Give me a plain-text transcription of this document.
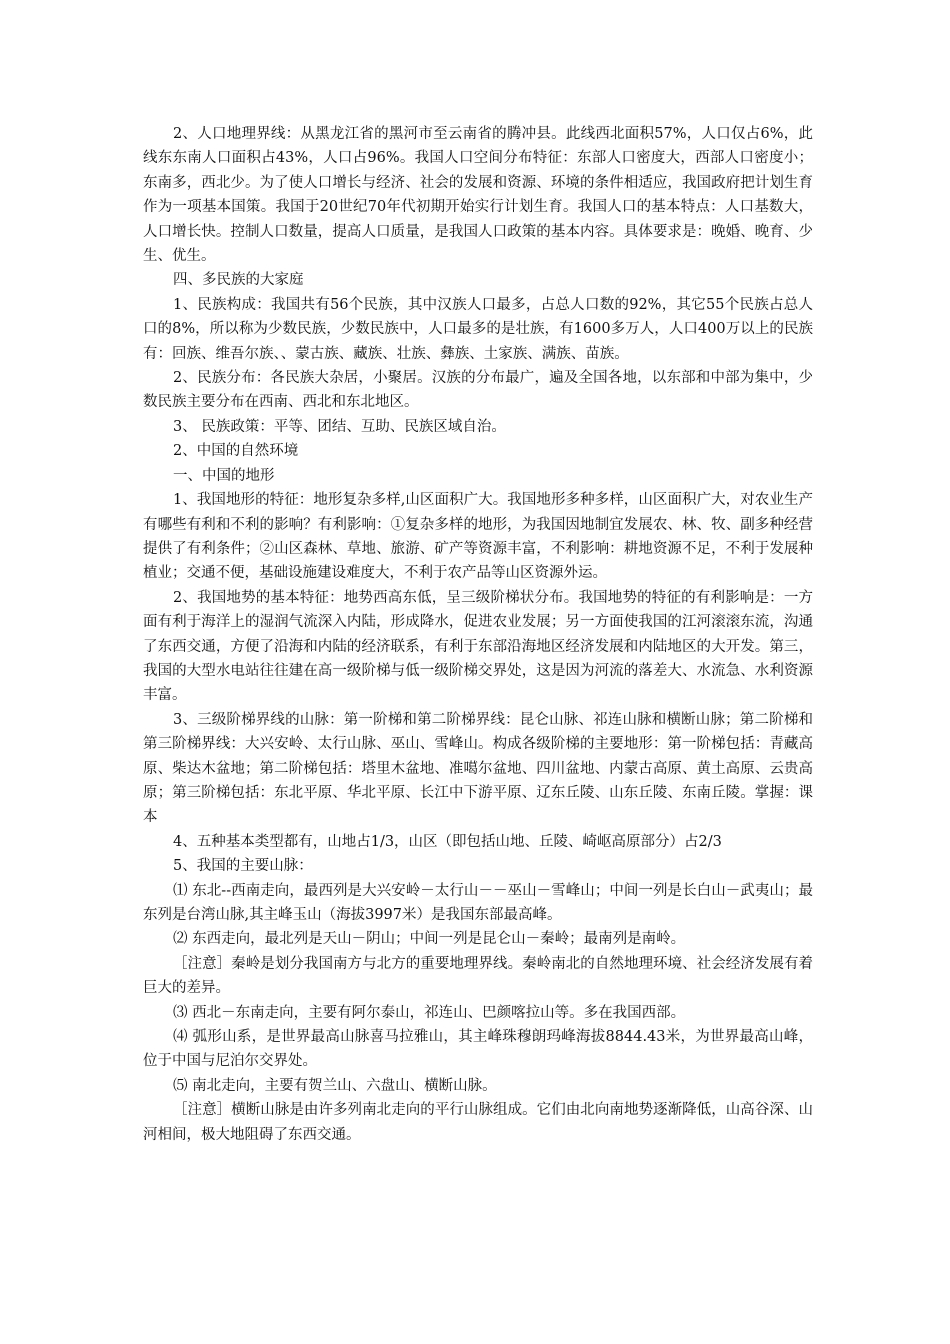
2、人口地理界线：从黑龙江省的黑河市至云南省的腾冲县。此线西北面积57%，人口仅占6%，此线东东南人口面积占43%，人口占96%。我国人口空间分布特征：东部人口密度大，西部人口密度小；东南多，西北少。为了使人口增长与经济、社会的发展和资源、环境的条件相适应，我国政府把计划生育作为一项基本国策。我国于20世纪70年代初期开始实行计划生育。我国人口的基本特点：人口基数大，人口增长快。控制人口数量，提高人口质量，是我国人口政策的基本内容。具体要求是：晚婚、晚育、少生、优生。

四、多民族的大家庭

1、民族构成：我国共有56个民族，其中汉族人口最多，占总人口数的92%，其它55个民族占总人口的8%，所以称为少数民族，少数民族中，人口最多的是壮族，有1600多万人，人口400万以上的民族有：回族、维吾尔族、、蒙古族、藏族、壮族、彝族、土家族、满族、苗族。

2、民族分布：各民族大杂居，小聚居。汉族的分布最广，遍及全国各地，以东部和中部为集中，少数民族主要分布在西南、西北和东北地区。

3、 民族政策：平等、团结、互助、民族区域自治。

2、中国的自然环境

一、中国的地形

1、我国地形的特征：地形复杂多样,山区面积广大。我国地形多种多样，山区面积广大，对农业生产有哪些有利和不利的影响？有利影响：①复杂多样的地形，为我国因地制宜发展农、林、牧、副多种经营提供了有利条件；②山区森林、草地、旅游、矿产等资源丰富，不利影响：耕地资源不足，不利于发展种植业；交通不便，基础设施建设难度大，不利于农产品等山区资源外运。

2、我国地势的基本特征：地势西高东低，呈三级阶梯状分布。我国地势的特征的有利影响是：一方面有利于海洋上的湿润气流深入内陆，形成降水，促进农业发展；另一方面使我国的江河滚滚东流，沟通了东西交通，方便了沿海和内陆的经济联系，有利于东部沿海地区经济发展和内陆地区的大开发。第三，我国的大型水电站往往建在高一级阶梯与低一级阶梯交界处，这是因为河流的落差大、水流急、水利资源丰富。

3、三级阶梯界线的山脉：第一阶梯和第二阶梯界线：昆仑山脉、祁连山脉和横断山脉；第二阶梯和第三阶梯界线：大兴安岭、太行山脉、巫山、雪峰山。构成各级阶梯的主要地形：第一阶梯包括：青藏高原、柴达木盆地；第二阶梯包括：塔里木盆地、准噶尔盆地、四川盆地、内蒙古高原、黄土高原、云贵高原；第三阶梯包括：东北平原、华北平原、长江中下游平原、辽东丘陵、山东丘陵、东南丘陵。掌握：课本

4、五种基本类型都有，山地占1/3，山区（即包括山地、丘陵、崎岖高原部分）占2/3

5、我国的主要山脉：

⑴ 东北--西南走向，最西列是大兴安岭－太行山－－巫山－雪峰山；中间一列是长白山－武夷山；最东列是台湾山脉,其主峰玉山（海拔3997米）是我国东部最高峰。

⑵ 东西走向，最北列是天山－阴山；中间一列是昆仑山－秦岭；最南列是南岭。

［注意］秦岭是划分我国南方与北方的重要地理界线。秦岭南北的自然地理环境、社会经济发展有着巨大的差异。

⑶ 西北－东南走向，主要有阿尔泰山，祁连山、巴颜喀拉山等。多在我国西部。

⑷ 弧形山系，是世界最高山脉喜马拉雅山，其主峰珠穆朗玛峰海拔8844.43米，为世界最高山峰，位于中国与尼泊尔交界处。

⑸ 南北走向，主要有贺兰山、六盘山、横断山脉。

［注意］横断山脉是由许多列南北走向的平行山脉组成。它们由北向南地势逐渐降低，山高谷深、山河相间，极大地阻碍了东西交通。
